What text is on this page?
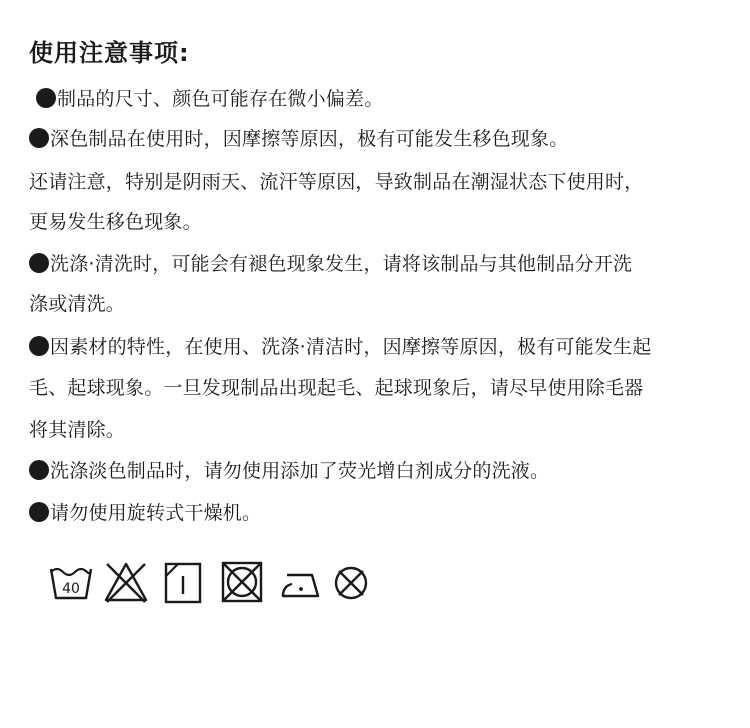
使用注意事项:
制品的尺寸、颜色可能存在微小偏差。
深色制品在使用时，因摩擦等原因，极有可能发生移色现象。
还请注意，特别是阴雨天、流汗等原因，导致制品在潮湿状态下使用时，
更易发生移色现象。
洗涤·清洗时，可能会有褪色现象发生，请将该制品与其他制品分开洗
涤或清洗。
因素材的特性，在使用、洗涤·清洁时，因摩擦等原因，极有可能发生起
毛、起球现象。一旦发现制品出现起毛、起球现象后，请尽早使用除毛器
将其清除。
洗涤淡色制品时，请勿使用添加了荧光增白剂成分的洗液。
请勿使用旋转式干燥机。
40
